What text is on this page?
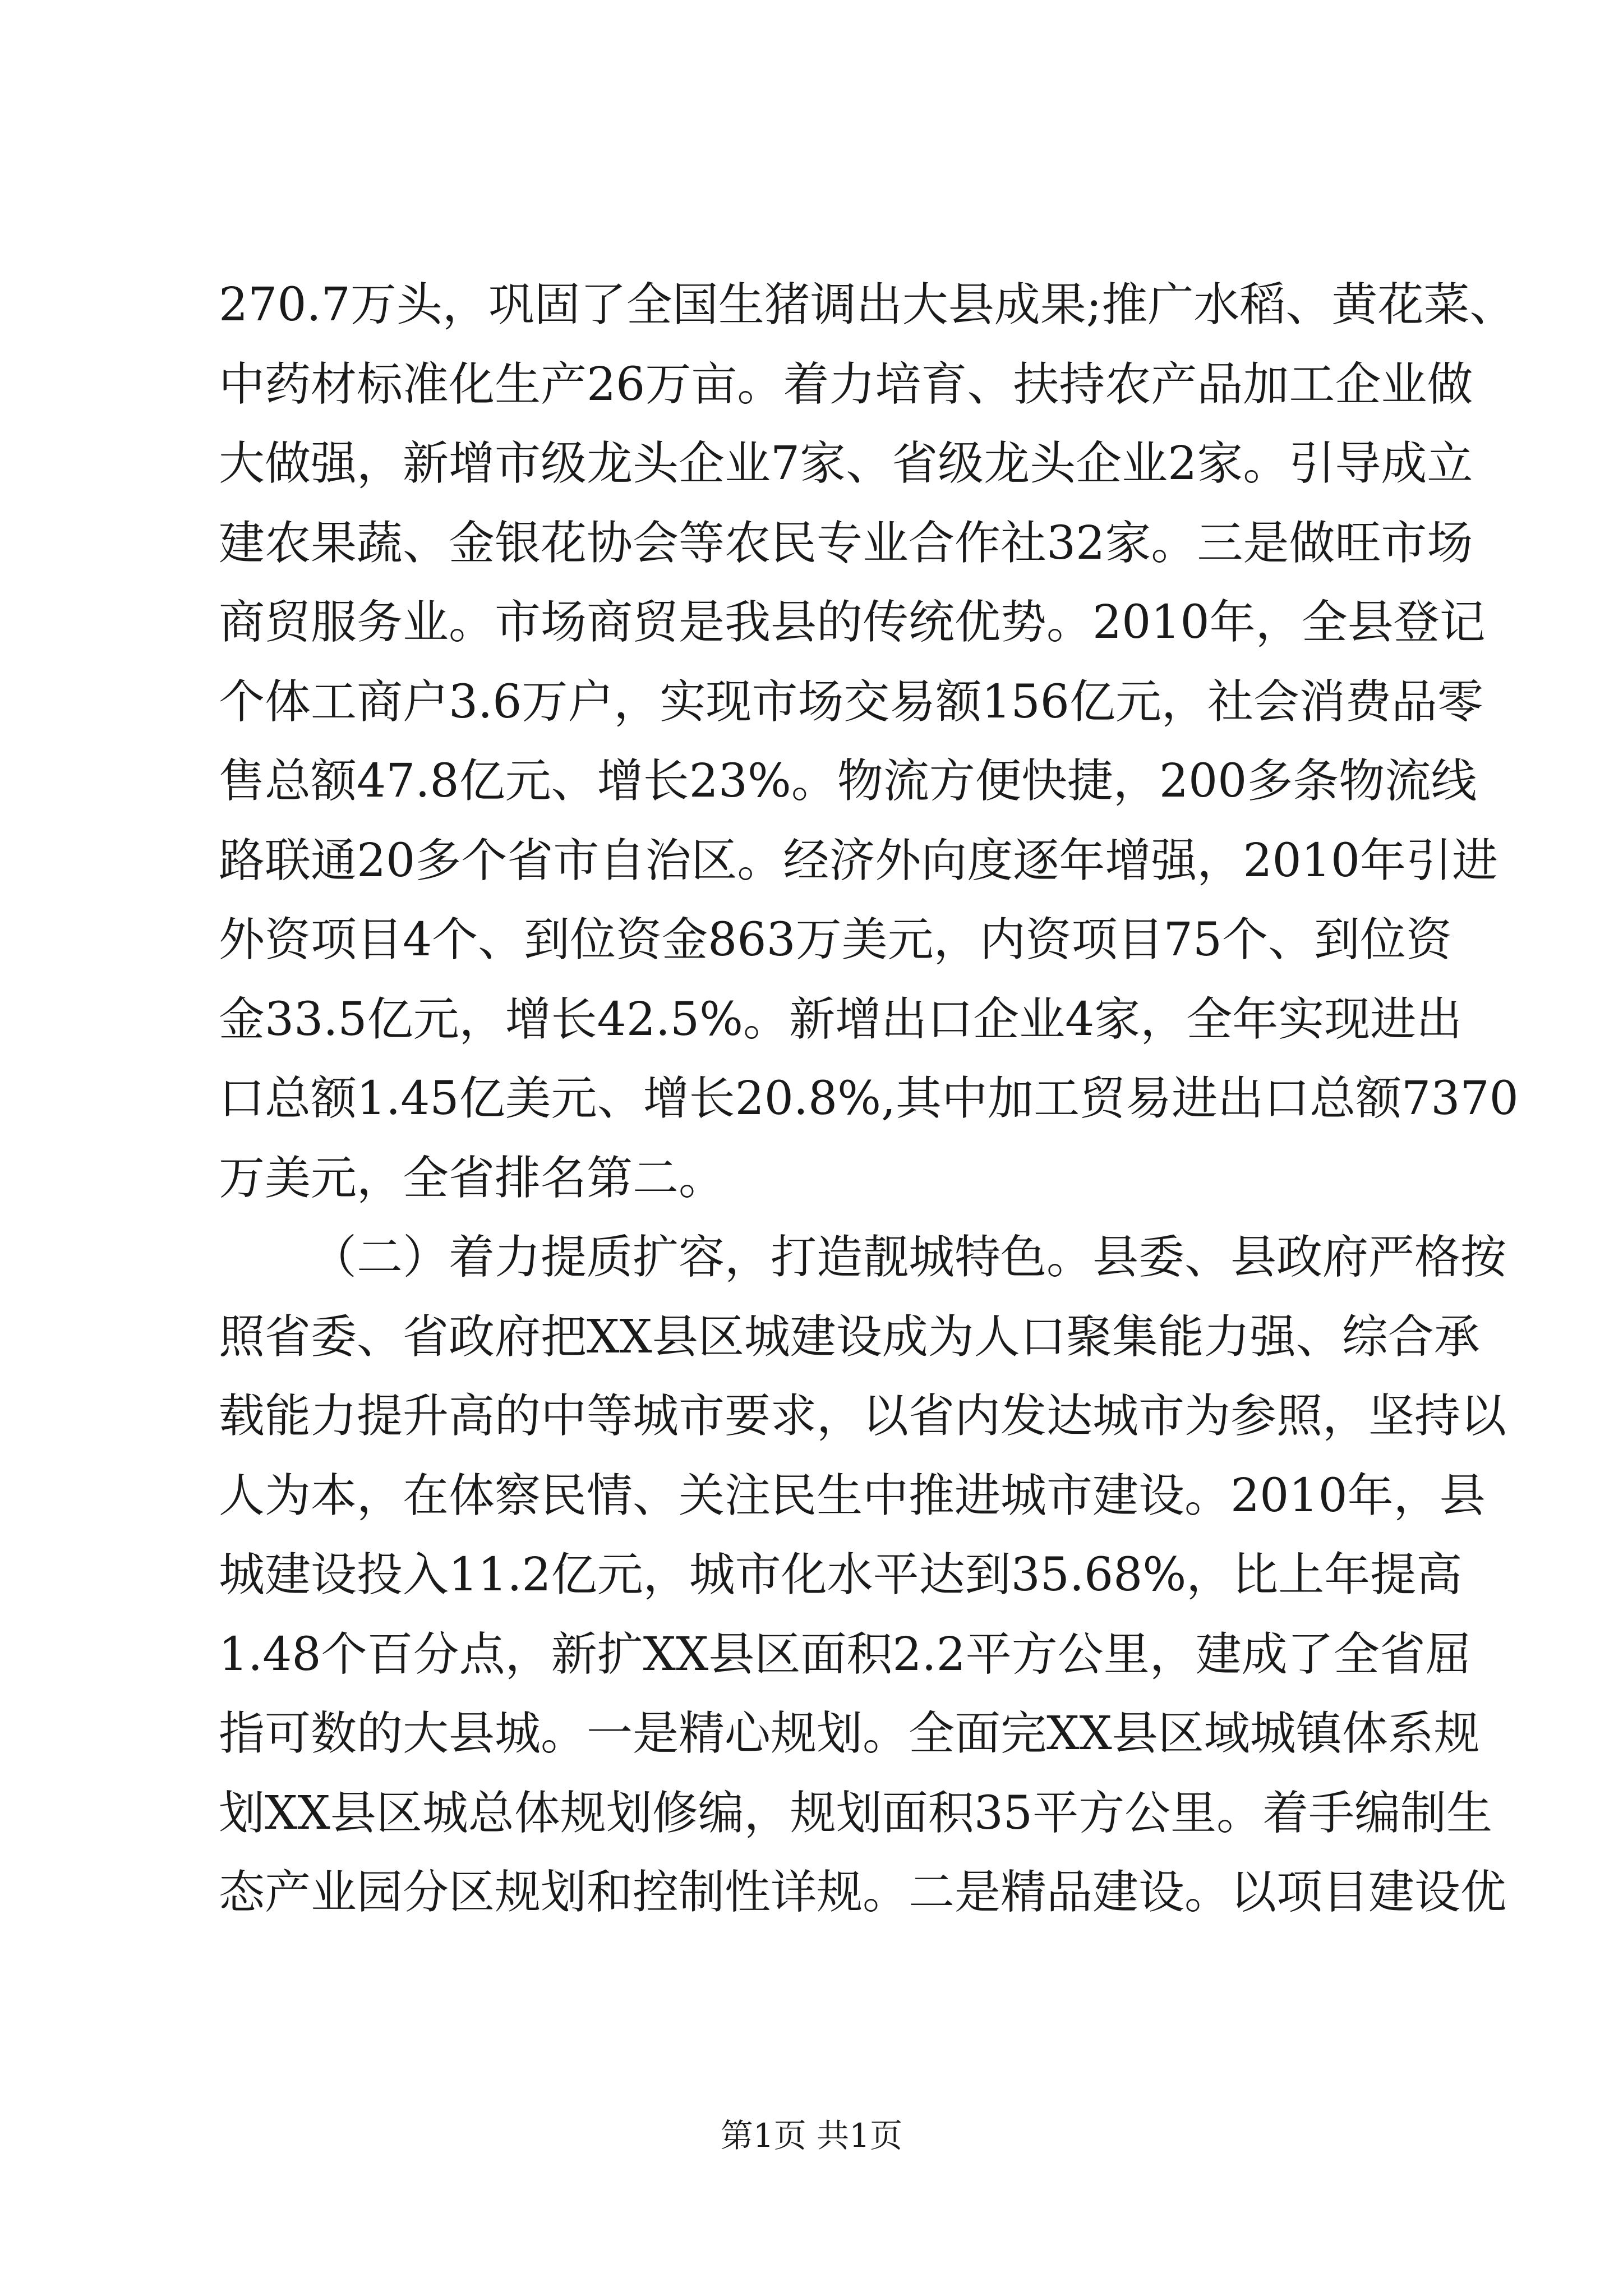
270.7万头，巩固了全国生猪调出大县成果;推广水稻、黄花菜、
中药材标准化生产26万亩。着力培育、扶持农产品加工企业做
大做强，新增市级龙头企业7家、省级龙头企业2家。引导成立
建农果蔬、金银花协会等农民专业合作社32家。三是做旺市场
商贸服务业。市场商贸是我县的传统优势。2010年，全县登记
个体工商户3.6万户，实现市场交易额156亿元，社会消费品零
售总额47.8亿元、增长23%。物流方便快捷，200多条物流线
路联通20多个省市自治区。经济外向度逐年增强，2010年引进
外资项目4个、到位资金863万美元，内资项目75个、到位资
金33.5亿元，增长42.5%。新增出口企业4家，全年实现进出
口总额1.45亿美元、增长20.8%,其中加工贸易进出口总额7370
万美元，全省排名第二。
（二）着力提质扩容，打造靓城特色。县委、县政府严格按
照省委、省政府把XX县区城建设成为人口聚集能力强、综合承
载能力提升高的中等城市要求，以省内发达城市为参照，坚持以
人为本，在体察民情、关注民生中推进城市建设。2010年，县
城建设投入11.2亿元，城市化水平达到35.68%，比上年提高
1.48个百分点，新扩XX县区面积2.2平方公里，建成了全省屈
指可数的大县城。一是精心规划。全面完XX县区域城镇体系规
划XX县区城总体规划修编，规划面积35平方公里。着手编制生
态产业园分区规划和控制性详规。二是精品建设。以项目建设优
第1页 共1页
